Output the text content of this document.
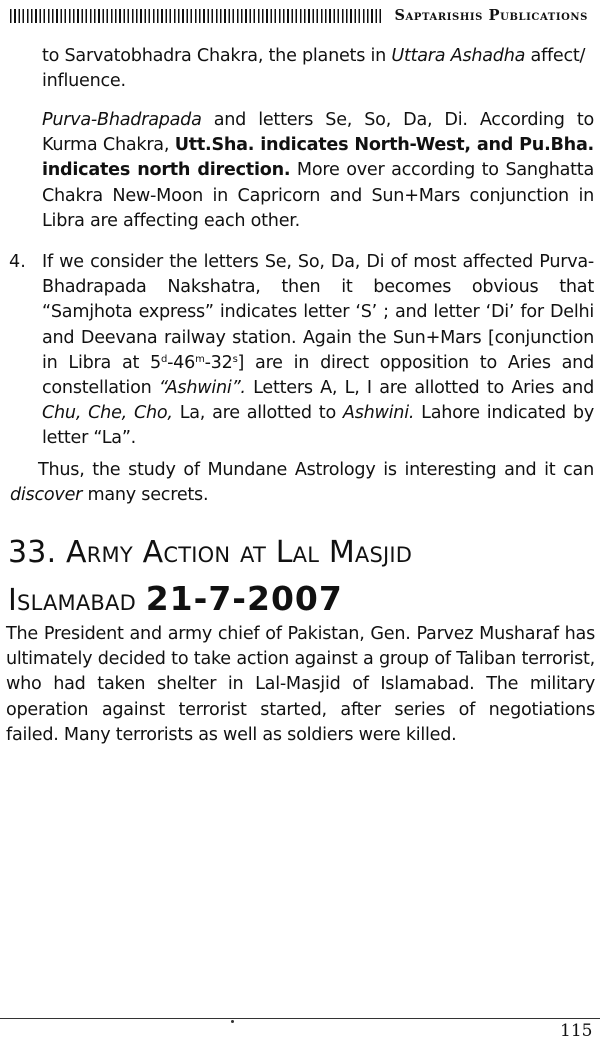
Saptarishis Publications
to Sarvatobhadra Chakra, the planets in Uttara Ashadha affect/ influence.
Purva-Bhadrapada and letters Se, So, Da, Di. According to Kurma Chakra, Utt.Sha. indicates North-West, and Pu.Bha. indicates north direction. More over according to Sanghatta Chakra New-Moon in Capricorn and Sun+Mars conjunction in Libra are affecting each other.
4. If we consider the letters Se, So, Da, Di of most affected Purva-Bhadrapada Nakshatra, then it becomes obvious that “Samjhota express” indicates letter ‘S’ ; and letter ‘Di’ for Delhi and Deevana railway station. Again the Sun+Mars [conjunction in Libra at 5$^d$-46$^m$-32$^s$] are in direct opposition to Aries and constellation “Ashwini”. Letters A, L, I are allotted to Aries and Chu, Che, Cho, La, are allotted to Ashwini. Lahore indicated by letter “La”.
Thus, the study of Mundane Astrology is interesting and it can discover many secrets.
33. Army Action at Lal Masjid
Islamabad 21-7-2007
The President and army chief of Pakistan, Gen. Parvez Musharaf has ultimately decided to take action against a group of Taliban terrorist, who had taken shelter in Lal-Masjid of Islamabad. The military operation against terrorist started, after series of negotiations failed. Many terrorists as well as soldiers were killed.
115
